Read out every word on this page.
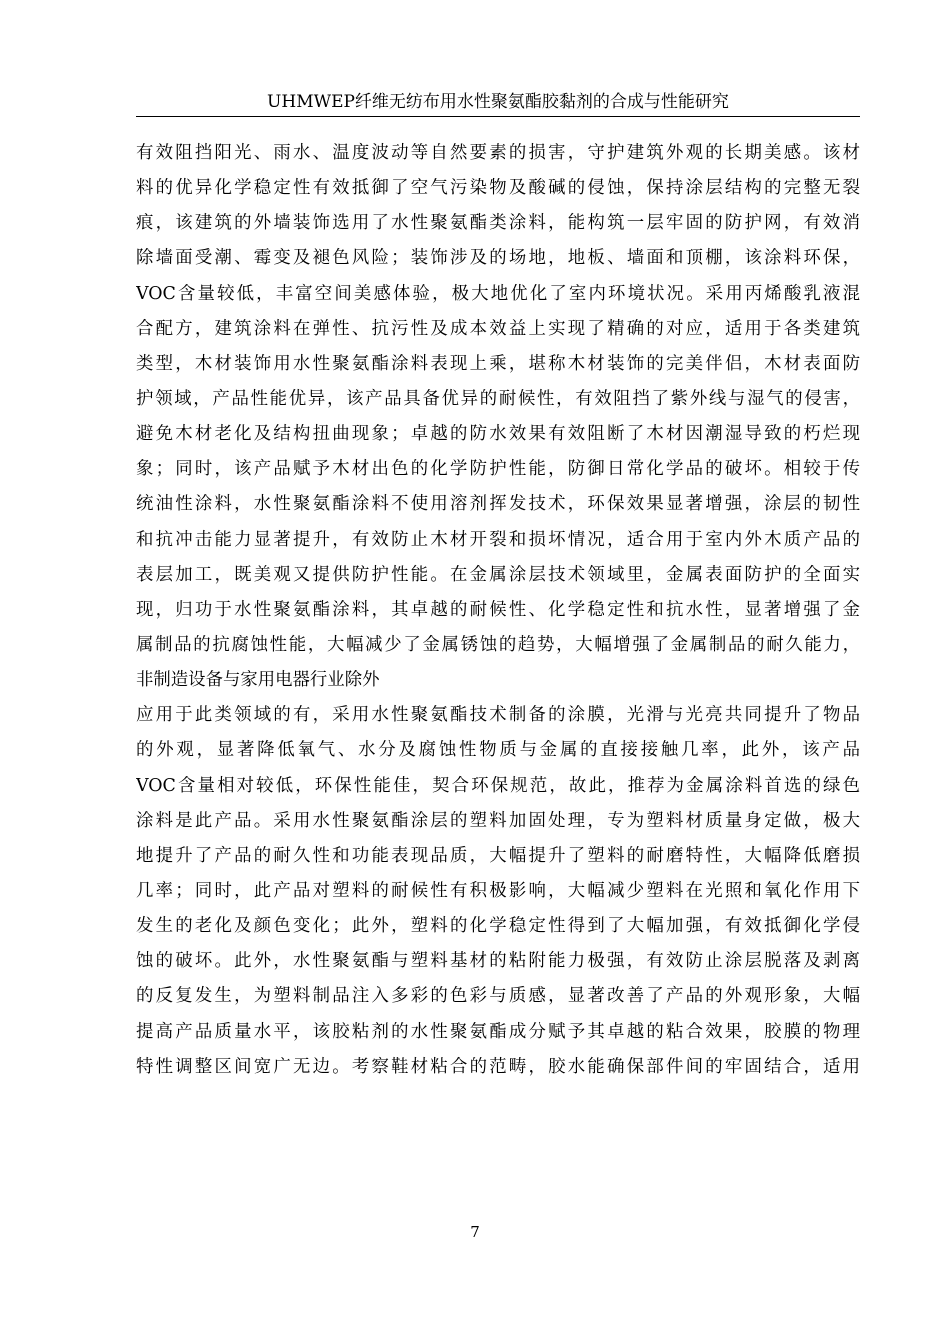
UHMWEP纤维无纺布用水性聚氨酯胶黏剂的合成与性能研究
有效阻挡阳光、雨水、温度波动等自然要素的损害，守护建筑外观的长期美感。该材
料的优异化学稳定性有效抵御了空气污染物及酸碱的侵蚀，保持涂层结构的完整无裂
痕，该建筑的外墙装饰选用了水性聚氨酯类涂料，能构筑一层牢固的防护网，有效消
除墙面受潮、霉变及褪色风险；装饰涉及的场地，地板、墙面和顶棚，该涂料环保，
VOC含量较低，丰富空间美感体验，极大地优化了室内环境状况。采用丙烯酸乳液混
合配方，建筑涂料在弹性、抗污性及成本效益上实现了精确的对应，适用于各类建筑
类型，木材装饰用水性聚氨酯涂料表现上乘，堪称木材装饰的完美伴侣，木材表面防
护领域，产品性能优异，该产品具备优异的耐候性，有效阻挡了紫外线与湿气的侵害，
避免木材老化及结构扭曲现象；卓越的防水效果有效阻断了木材因潮湿导致的朽烂现
象；同时，该产品赋予木材出色的化学防护性能，防御日常化学品的破坏。相较于传
统油性涂料，水性聚氨酯涂料不使用溶剂挥发技术，环保效果显著增强，涂层的韧性
和抗冲击能力显著提升，有效防止木材开裂和损坏情况，适合用于室内外木质产品的
表层加工，既美观又提供防护性能。在金属涂层技术领域里，金属表面防护的全面实
现，归功于水性聚氨酯涂料，其卓越的耐候性、化学稳定性和抗水性，显著增强了金
属制品的抗腐蚀性能，大幅减少了金属锈蚀的趋势，大幅增强了金属制品的耐久能力，
非制造设备与家用电器行业除外
应用于此类领域的有，采用水性聚氨酯技术制备的涂膜，光滑与光亮共同提升了物品
的外观，显著降低氧气、水分及腐蚀性物质与金属的直接接触几率，此外，该产品
VOC含量相对较低，环保性能佳，契合环保规范，故此，推荐为金属涂料首选的绿色
涂料是此产品。采用水性聚氨酯涂层的塑料加固处理，专为塑料材质量身定做，极大
地提升了产品的耐久性和功能表现品质，大幅提升了塑料的耐磨特性，大幅降低磨损
几率；同时，此产品对塑料的耐候性有积极影响，大幅减少塑料在光照和氧化作用下
发生的老化及颜色变化；此外，塑料的化学稳定性得到了大幅加强，有效抵御化学侵
蚀的破坏。此外，水性聚氨酯与塑料基材的粘附能力极强，有效防止涂层脱落及剥离
的反复发生，为塑料制品注入多彩的色彩与质感，显著改善了产品的外观形象，大幅
提高产品质量水平，该胶粘剂的水性聚氨酯成分赋予其卓越的粘合效果，胶膜的物理
特性调整区间宽广无边。考察鞋材粘合的范畴，胶水能确保部件间的牢固结合，适用
7
